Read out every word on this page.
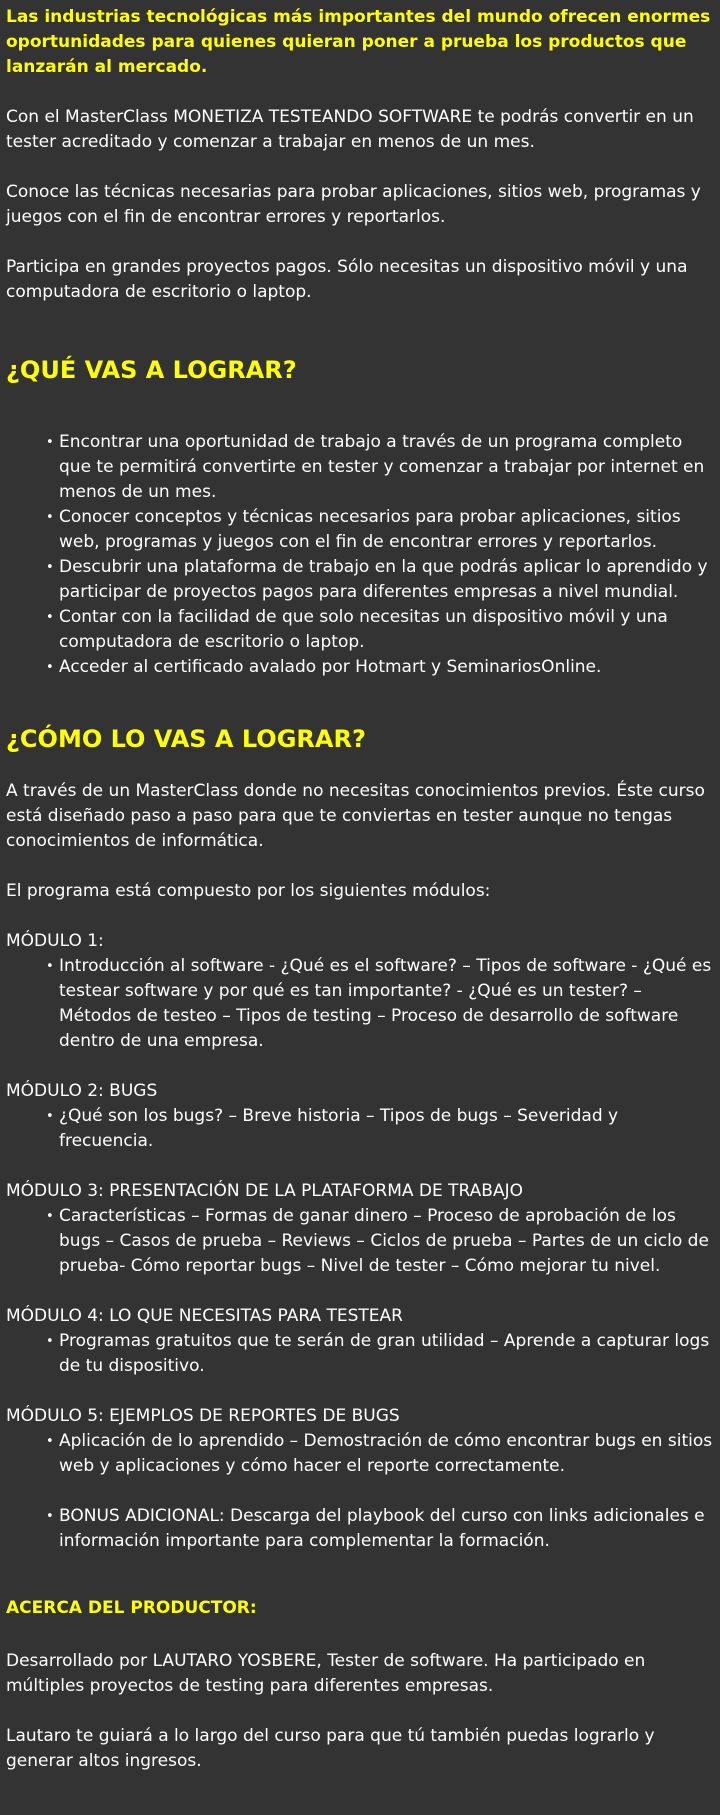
Las industrias tecnológicas más importantes del mundo ofrecen enormes oportunidades para quienes quieran poner a prueba los productos que lanzarán al mercado.

Con el MasterClass MONETIZA TESTEANDO SOFTWARE te podrás convertir en un tester acreditado y comenzar a trabajar en menos de un mes.

Conoce las técnicas necesarias para probar aplicaciones, sitios web, programas y juegos con el fin de encontrar errores y reportarlos.

Participa en grandes proyectos pagos. Sólo necesitas un dispositivo móvil y una computadora de escritorio o laptop.

¿QUÉ VAS A LOGRAR?
• Encontrar una oportunidad de trabajo a través de un programa completo que te permitirá convertirte en tester y comenzar a trabajar por internet en menos de un mes.
• Conocer conceptos y técnicas necesarios para probar aplicaciones, sitios web, programas y juegos con el fin de encontrar errores y reportarlos.
• Descubrir una plataforma de trabajo en la que podrás aplicar lo aprendido y participar de proyectos pagos para diferentes empresas a nivel mundial.
• Contar con la facilidad de que solo necesitas un dispositivo móvil y una computadora de escritorio o laptop.
• Acceder al certificado avalado por Hotmart y SeminariosOnline.
¿CÓMO LO VAS A LOGRAR?

A través de un MasterClass donde no necesitas conocimientos previos. Éste curso está diseñado paso a paso para que te conviertas en tester aunque no tengas conocimientos de informática.

El programa está compuesto por los siguientes módulos:

MÓDULO 1:

• Introducción al software - ¿Qué es el software? – Tipos de software - ¿Qué es testear software y por qué es tan importante? - ¿Qué es un tester? – Métodos de testeo – Tipos de testing – Proceso de desarrollo de software dentro de una empresa.

MÓDULO 2: BUGS

• ¿Qué son los bugs? – Breve historia – Tipos de bugs – Severidad y frecuencia.

MÓDULO 3: PRESENTACIÓN DE LA PLATAFORMA DE TRABAJO

• Características – Formas de ganar dinero – Proceso de aprobación de los bugs – Casos de prueba – Reviews – Ciclos de prueba – Partes de un ciclo de prueba- Cómo reportar bugs – Nivel de tester – Cómo mejorar tu nivel.

MÓDULO 4: LO QUE NECESITAS PARA TESTEAR

• Programas gratuitos que te serán de gran utilidad – Aprende a capturar logs de tu dispositivo.

MÓDULO 5: EJEMPLOS DE REPORTES DE BUGS

• Aplicación de lo aprendido – Demostración de cómo encontrar bugs en sitios web y aplicaciones y cómo hacer el reporte correctamente.
• BONUS ADICIONAL: Descarga del playbook del curso con links adicionales e información importante para complementar la formación.

ACERCA DEL PRODUCTOR:

Desarrollado por LAUTARO YOSBERE, Tester de software. Ha participado en múltiples proyectos de testing para diferentes empresas.

Lautaro te guiará a lo largo del curso para que tú también puedas lograrlo y generar altos ingresos.
